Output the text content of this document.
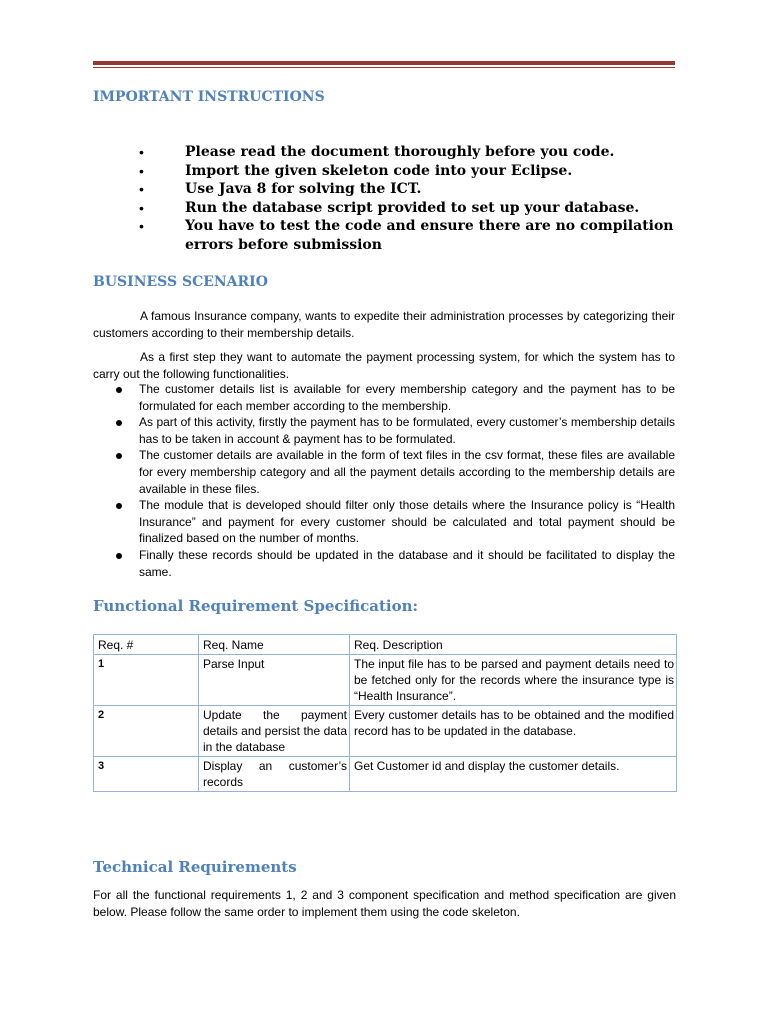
IMPORTANT INSTRUCTIONS
•	Please read the document thoroughly before you code.
•	Import the given skeleton code into your Eclipse.
•	Use Java 8 for solving the ICT.
•	Run the database script provided to set up your database.
•	You have to test the code and ensure there are no compilation errors before submission
BUSINESS SCENARIO

A famous Insurance company, wants to expedite their administration processes by categorizing their customers according to their membership details.

As a first step they want to automate the payment processing system, for which the system has to carry out the following functionalities.

The customer details list is available for every membership category and the payment has to be formulated for each member according to the membership.
As part of this activity, firstly the payment has to be formulated, every customer’s membership details has to be taken in account & payment has to be formulated.
The customer details are available in the form of text files in the csv format, these files are available for every membership category and all the payment details according to the membership details are available in these files.
The module that is developed should filter only those details where the Insurance policy is “Health Insurance” and payment for every customer should be calculated and total payment should be finalized based on the number of months.
Finally these records should be updated in the database and it should be facilitated to display the same.
Functional Requirement Specification:
Req. #	Req. Name	Req. Description
1	Parse Input	The input file has to be parsed and payment details need to be fetched only for the records where the insurance type is “Health Insurance”.
2	Update the payment details and persist the data in the database	Every customer details has to be obtained and the modified record has to be updated in the database.
3	Display an customer’s records	Get Customer id and display the customer details.
Technical Requirements

For all the functional requirements 1, 2 and 3 component specification and method specification are given below. Please follow the same order to implement them using the code skeleton.
